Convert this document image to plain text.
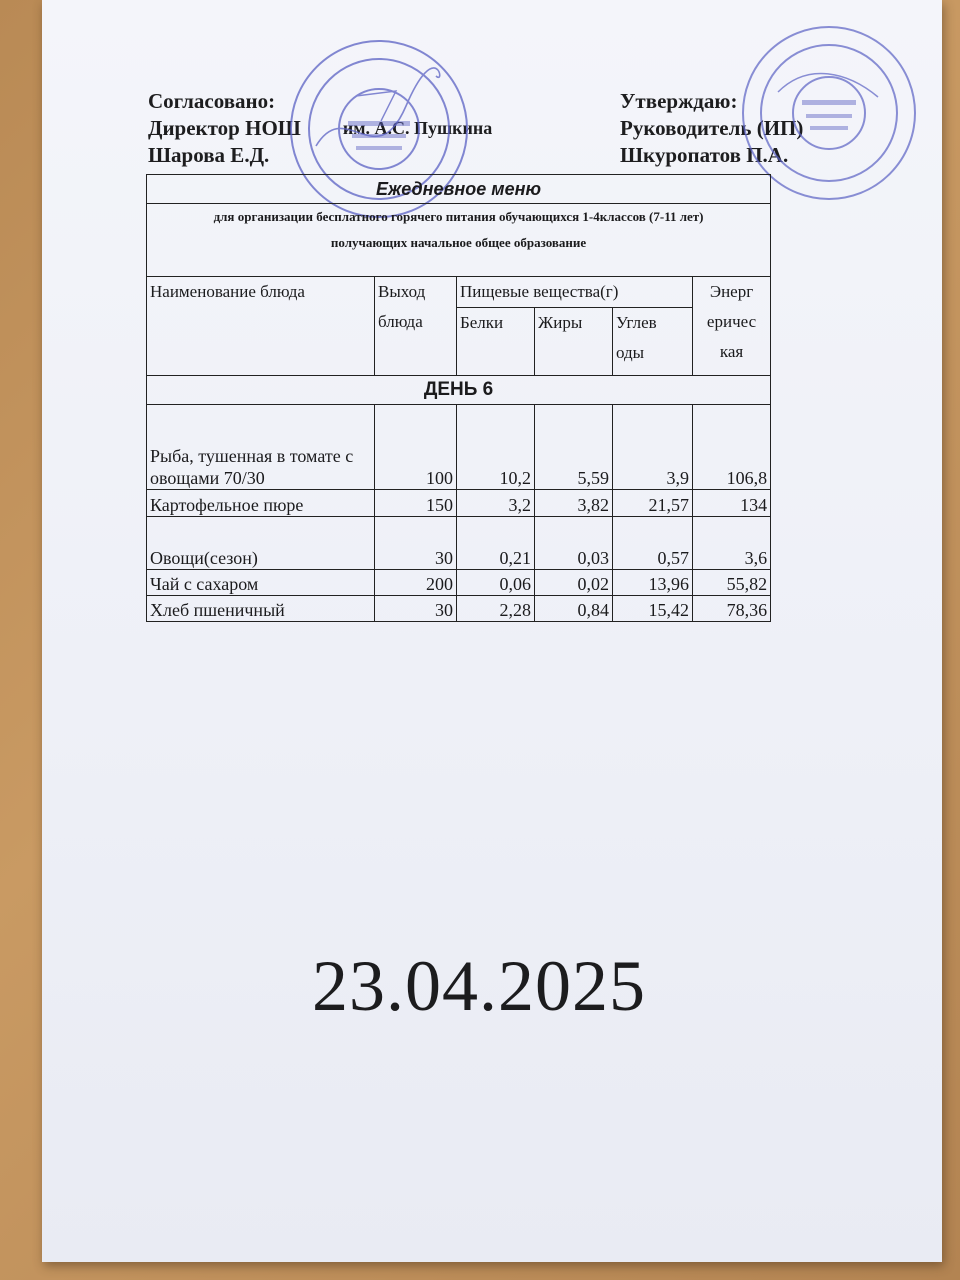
Согласовано:
Директор НОШ им. А.С. Пушкина
Шарова Е.Д.
Утверждаю:
Руководитель (ИП)
Шкуропатов П.А.
Ежедневное меню					
для организации бесплатного горячего питания обучающихся 1-4классов (7-11 лет)
получающих начальное общее образование					

Наименование блюда	Выход блюда	Пищевые вещества(г)			Энерг еричес кая
		Белки	Жиры	Углев оды	
ДЕНЬ 6					
Рыба, тушенная в томате с овощами 70/30	100	10,2	5,59	3,9	106,8
Картофельное пюре	150	3,2	3,82	21,57	134
Овощи(сезон)	30	0,21	0,03	0,57	3,6
Чай с сахаром	200	0,06	0,02	13,96	55,82
Хлеб пшеничный	30	2,28	0,84	15,42	78,36
23.04.2025
